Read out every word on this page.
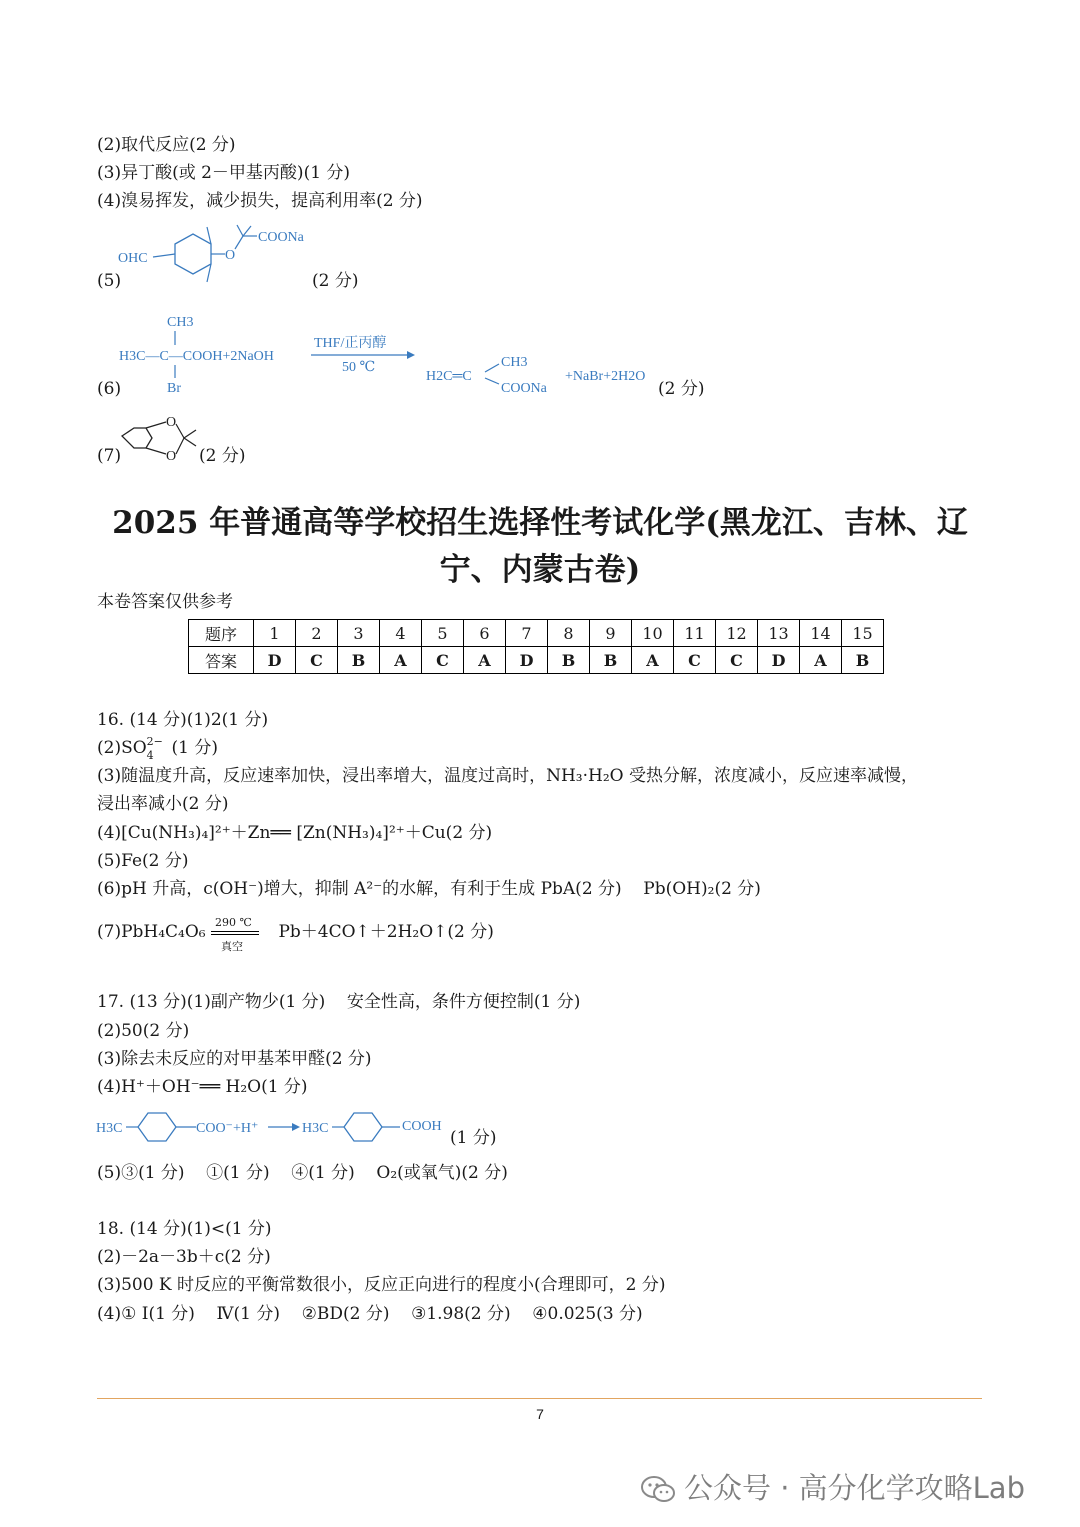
(2)取代反应(2 分)
(3)异丁酸(或 2－甲基丙酸)(1 分)
(4)溴易挥发，减少损失，提高利用率(2 分)
OHC	O
COONa
(5)	(2 分)
CH3
H3C—C—COOH+2NaOH
Br
THF/正丙醇
50 ℃
H2C═C
CH3
COONa
+NaBr+2H2O
(6)	(2 分)
O
O
(7)	(2 分)
2025 年普通高等学校招生选择性考试化学(黑龙江、吉林、辽
宁、内蒙古卷)
本卷答案仅供参考
题序	1	2	3	4	5	6	7	8	9	10	11	12	13	14	15
答案	D	C	B	A	C	A	D	B	B	A	C	C	D	A	B
16. (14 分)(1)2(1 分)
(2)SO 2−
4 (1 分)
(3)随温度升高，反应速率加快，浸出率增大，温度过高时，NH₃·H₂O 受热分解，浓度减小，反应速率减慢，
浸出率减小(2 分)
(4)[Cu(NH₃)₄]²⁺＋Zn══ [Zn(NH₃)₄]²⁺＋Cu(2 分)
(5)Fe(2 分)
(6)pH 升高，c(OH⁻)增大，抑制 A²⁻的水解，有利于生成 PbA(2 分)    Pb(OH)₂(2 分)
(7)PbH₄C₄O₆ 290 ℃
真空
Pb＋4CO↑＋2H₂O↑(2 分)
17. (13 分)(1)副产物少(1 分)    安全性高，条件方便控制(1 分)
(2)50(2 分)
(3)除去未反应的对甲基苯甲醛(2 分)
(4)H⁺＋OH⁻══ H₂O(1 分)
H3C	COO⁻+H⁺	H3C	COOH
(1 分)
(5)③(1 分)    ①(1 分)    ④(1 分)    O₂(或氧气)(2 分)
18. (14 分)(1)<(1 分)
(2)－2a－3b＋c(2 分)
(3)500 K 时反应的平衡常数很小，反应正向进行的程度小(合理即可，2 分)
(4)① Ⅰ(1 分)    Ⅳ(1 分)    ②BD(2 分)    ③1.98(2 分)    ④0.025(3 分)
7
公众号 · 高分化学攻略Lab
